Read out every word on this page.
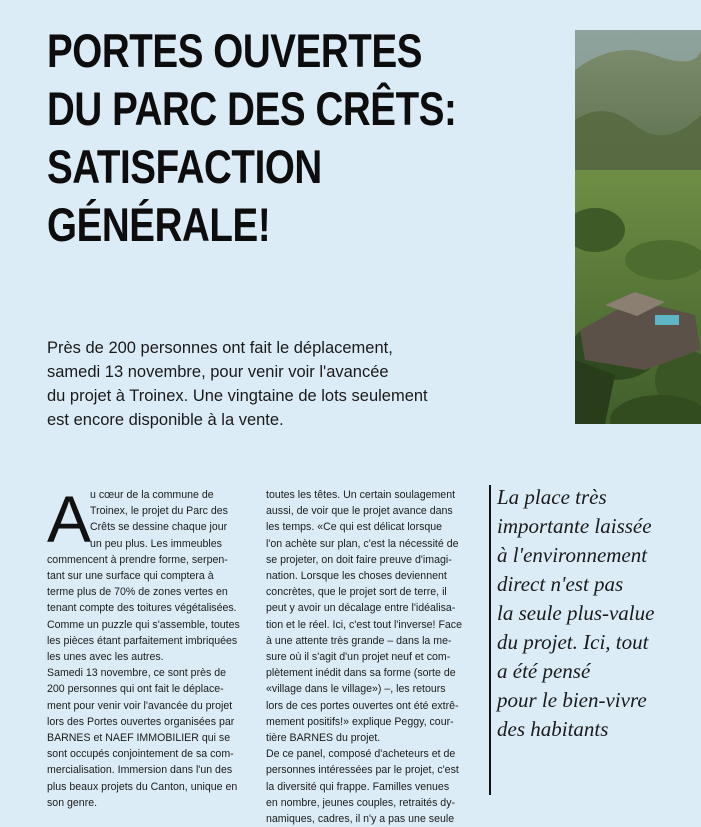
PORTES OUVERTES
DU PARC DES CRÊTS:
SATISFACTION
GÉNÉRALE!
Près de 200 personnes ont fait le déplacement,
samedi 13 novembre, pour venir voir l'avancée
du projet à Troinex. Une vingtaine de lots seulement
est encore disponible à la vente.
A
u cœur de la commune de
Troinex, le projet du Parc des
Crêts se dessine chaque jour
un peu plus. Les immeubles
commencent à prendre forme, serpen-
tant sur une surface qui comptera à
terme plus de 70% de zones vertes en
tenant compte des toitures végétalisées.
Comme un puzzle qui s'assemble, toutes
les pièces étant parfaitement imbriquées
les unes avec les autres.
Samedi 13 novembre, ce sont près de
200 personnes qui ont fait le déplace-
ment pour venir voir l'avancée du projet
lors des Portes ouvertes organisées par
BARNES et NAEF IMMOBILIER qui se
sont occupés conjointement de sa com-
mercialisation. Immersion dans l'un des
plus beaux projets du Canton, unique en
son genre.
toutes les têtes. Un certain soulagement
aussi, de voir que le projet avance dans
les temps. «Ce qui est délicat lorsque
l'on achète sur plan, c'est la nécessité de
se projeter, on doit faire preuve d'imagi-
nation. Lorsque les choses deviennent
concrètes, que le projet sort de terre, il
peut y avoir un décalage entre l'idéalisa-
tion et le réel. Ici, c'est tout l'inverse! Face
à une attente très grande – dans la me-
sure où il s'agit d'un projet neuf et com-
plètement inédit dans sa forme (sorte de
«village dans le village») –, les retours
lors de ces portes ouvertes ont été extrê-
mement positifs!» explique Peggy, cour-
tière BARNES du projet.
De ce panel, composé d'acheteurs et de
personnes intéressées par le projet, c'est
la diversité qui frappe. Familles venues
en nombre, jeunes couples, retraités dy-
namiques, cadres, il n'y a pas une seule
La place très
importante laissée
à l'environnement
direct n'est pas
la seule plus-value
du projet. Ici, tout
a été pensé
pour le bien-vivre
des habitants
